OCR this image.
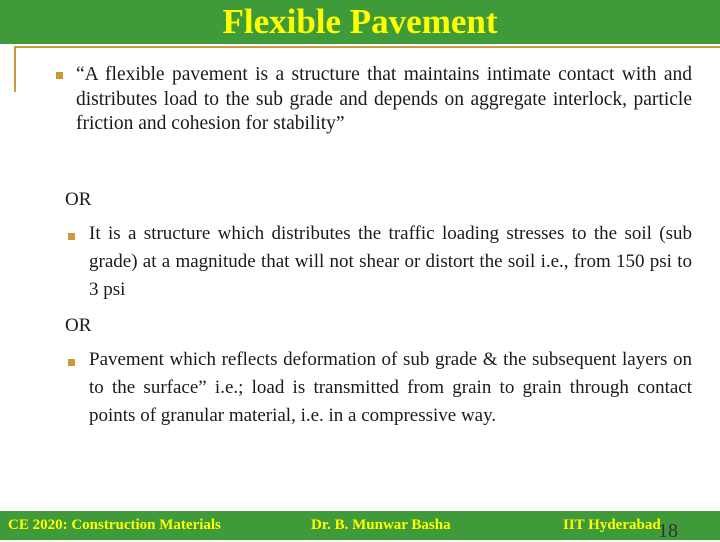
Flexible Pavement

“A flexible pavement is a structure that maintains intimate contact with and distributes load to the sub grade and depends on aggregate interlock, particle friction and cohesion for stability”

OR

It is a structure which distributes the traffic loading stresses to the soil (sub grade) at a magnitude that will not shear or distort the soil i.e., from 150 psi to 3 psi

OR

Pavement which reflects deformation of sub grade & the subsequent layers on to the surface” i.e.; load is transmitted from grain to grain through contact points of granular material, i.e. in a compressive way.

CE 2020: Construction Materials	Dr. B. Munwar Basha	IIT Hyderabad
18
